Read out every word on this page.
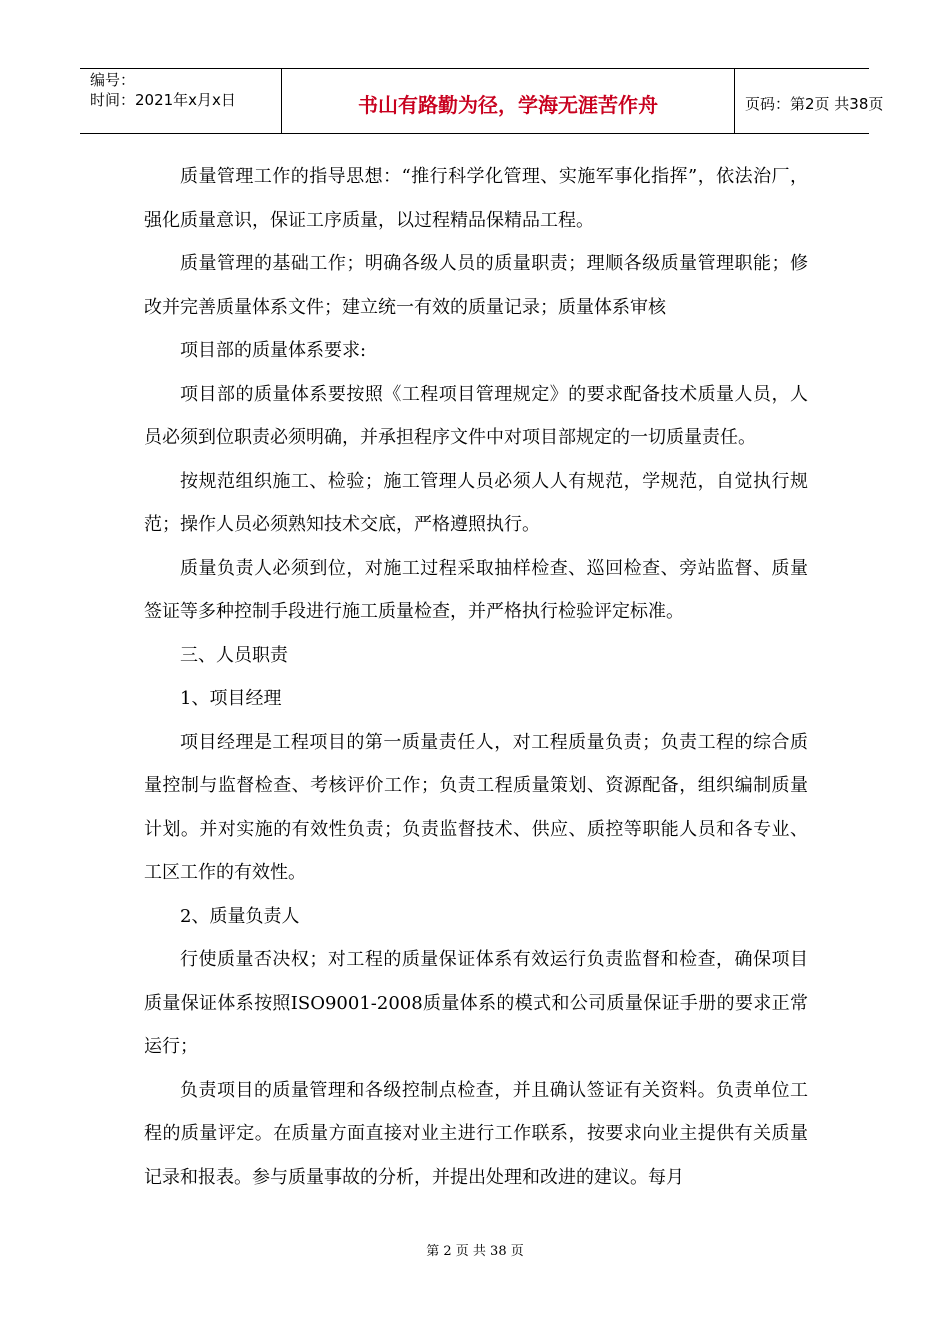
编号：
时间：2021年x月x日	书山有路勤为径，学海无涯苦作舟	页码：第2页 共38页

质量管理工作的指导思想：“推行科学化管理、实施军事化指挥”，依法治厂，强化质量意识，保证工序质量，以过程精品保精品工程。

质量管理的基础工作；明确各级人员的质量职责；理顺各级质量管理职能；修改并完善质量体系文件；建立统一有效的质量记录；质量体系审核

项目部的质量体系要求:

项目部的质量体系要按照《工程项目管理规定》的要求配备技术质量人员，人员必须到位职责必须明确，并承担程序文件中对项目部规定的一切质量责任。

按规范组织施工、检验；施工管理人员必须人人有规范，学规范，自觉执行规范；操作人员必须熟知技术交底，严格遵照执行。

质量负责人必须到位，对施工过程采取抽样检查、巡回检查、旁站监督、质量签证等多种控制手段进行施工质量检查，并严格执行检验评定标准。

三、人员职责

1、项目经理

项目经理是工程项目的第一质量责任人，对工程质量负责；负责工程的综合质量控制与监督检查、考核评价工作；负责工程质量策划、资源配备，组织编制质量计划。并对实施的有效性负责；负责监督技术、供应、质控等职能人员和各专业、工区工作的有效性。

2、质量负责人

行使质量否决权；对工程的质量保证体系有效运行负责监督和检查，确保项目质量保证体系按照ISO9001-2008质量体系的模式和公司质量保证手册的要求正常运行；

负责项目的质量管理和各级控制点检查，并且确认签证有关资料。负责单位工程的质量评定。在质量方面直接对业主进行工作联系，按要求向业主提供有关质量记录和报表。参与质量事故的分析，并提出处理和改进的建议。每月

第 2 页 共 38 页
